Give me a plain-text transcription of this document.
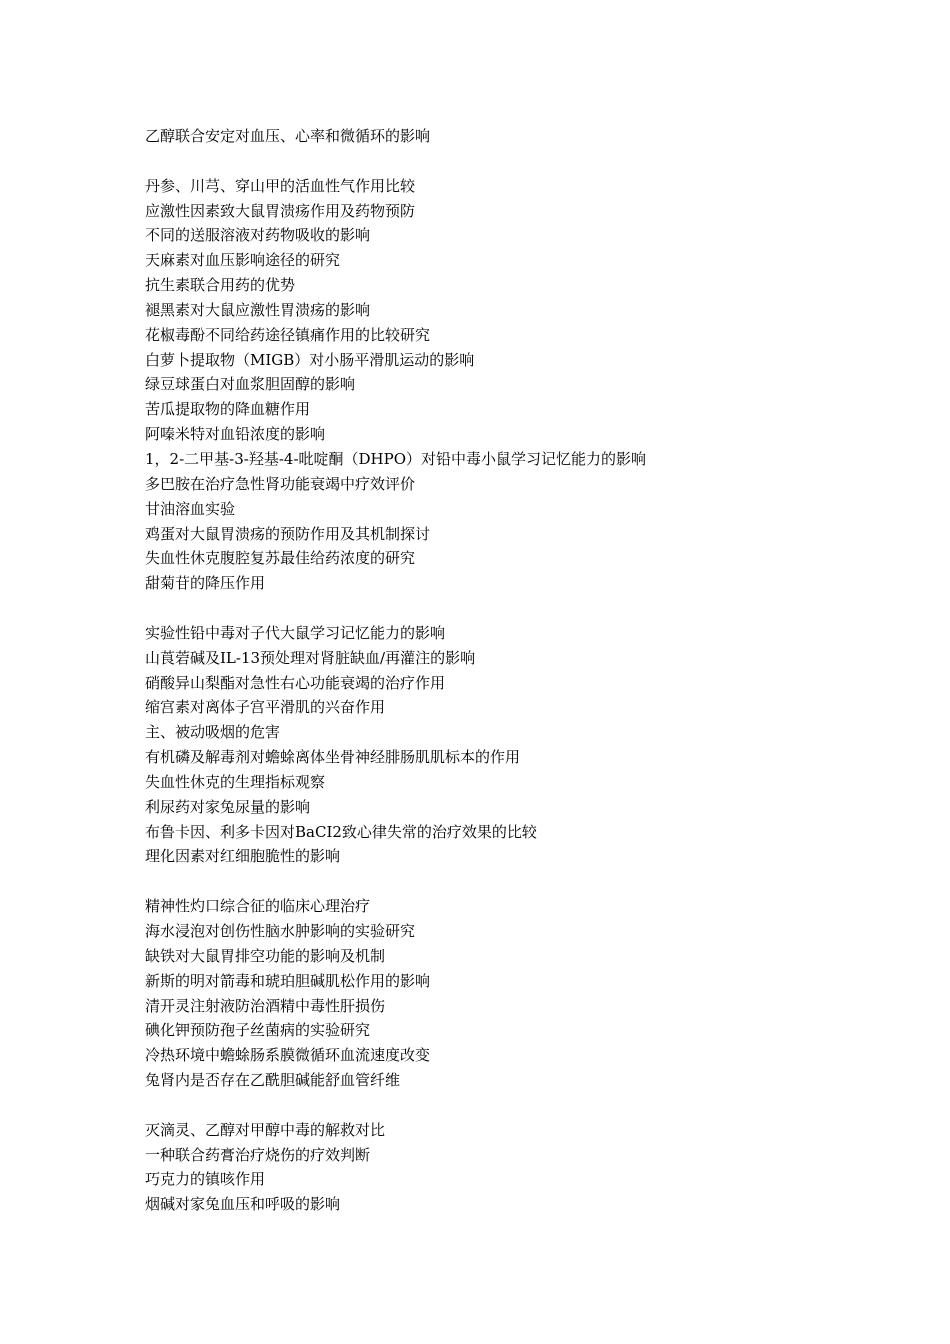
乙醇联合安定对血压、心率和微循环的影响
丹参、川芎、穿山甲的活血性气作用比较
应激性因素致大鼠胃溃疡作用及药物预防
不同的送服溶液对药物吸收的影响
天麻素对血压影响途径的研究
抗生素联合用药的优势
褪黑素对大鼠应激性胃溃疡的影响
花椒毒酚不同给药途径镇痛作用的比较研究
白萝卜提取物（MIGB）对小肠平滑肌运动的影响
绿豆球蛋白对血浆胆固醇的影响
苦瓜提取物的降血糖作用
阿嗪米特对血铅浓度的影响
1，2-二甲基-3-羟基-4-吡啶酮（DHPO）对铅中毒小鼠学习记忆能力的影响
多巴胺在治疗急性肾功能衰竭中疗效评价
甘油溶血实验
鸡蛋对大鼠胃溃疡的预防作用及其机制探讨
失血性休克腹腔复苏最佳给药浓度的研究
甜菊苷的降压作用
实验性铅中毒对子代大鼠学习记忆能力的影响
山莨菪碱及IL-13预处理对肾脏缺血/再灌注的影响
硝酸异山梨酯对急性右心功能衰竭的治疗作用
缩宫素对离体子宫平滑肌的兴奋作用
主、被动吸烟的危害
有机磷及解毒剂对蟾蜍离体坐骨神经腓肠肌肌标本的作用
失血性休克的生理指标观察
利尿药对家兔尿量的影响
布鲁卡因、利多卡因对BaCI2致心律失常的治疗效果的比较
理化因素对红细胞脆性的影响
精神性灼口综合征的临床心理治疗
海水浸泡对创伤性脑水肿影响的实验研究
缺铁对大鼠胃排空功能的影响及机制
新斯的明对箭毒和琥珀胆碱肌松作用的影响
清开灵注射液防治酒精中毒性肝损伤
碘化钾预防孢子丝菌病的实验研究
冷热环境中蟾蜍肠系膜微循环血流速度改变
兔肾内是否存在乙酰胆碱能舒血管纤维
灭滴灵、乙醇对甲醇中毒的解救对比
一种联合药膏治疗烧伤的疗效判断
巧克力的镇咳作用
烟碱对家兔血压和呼吸的影响
